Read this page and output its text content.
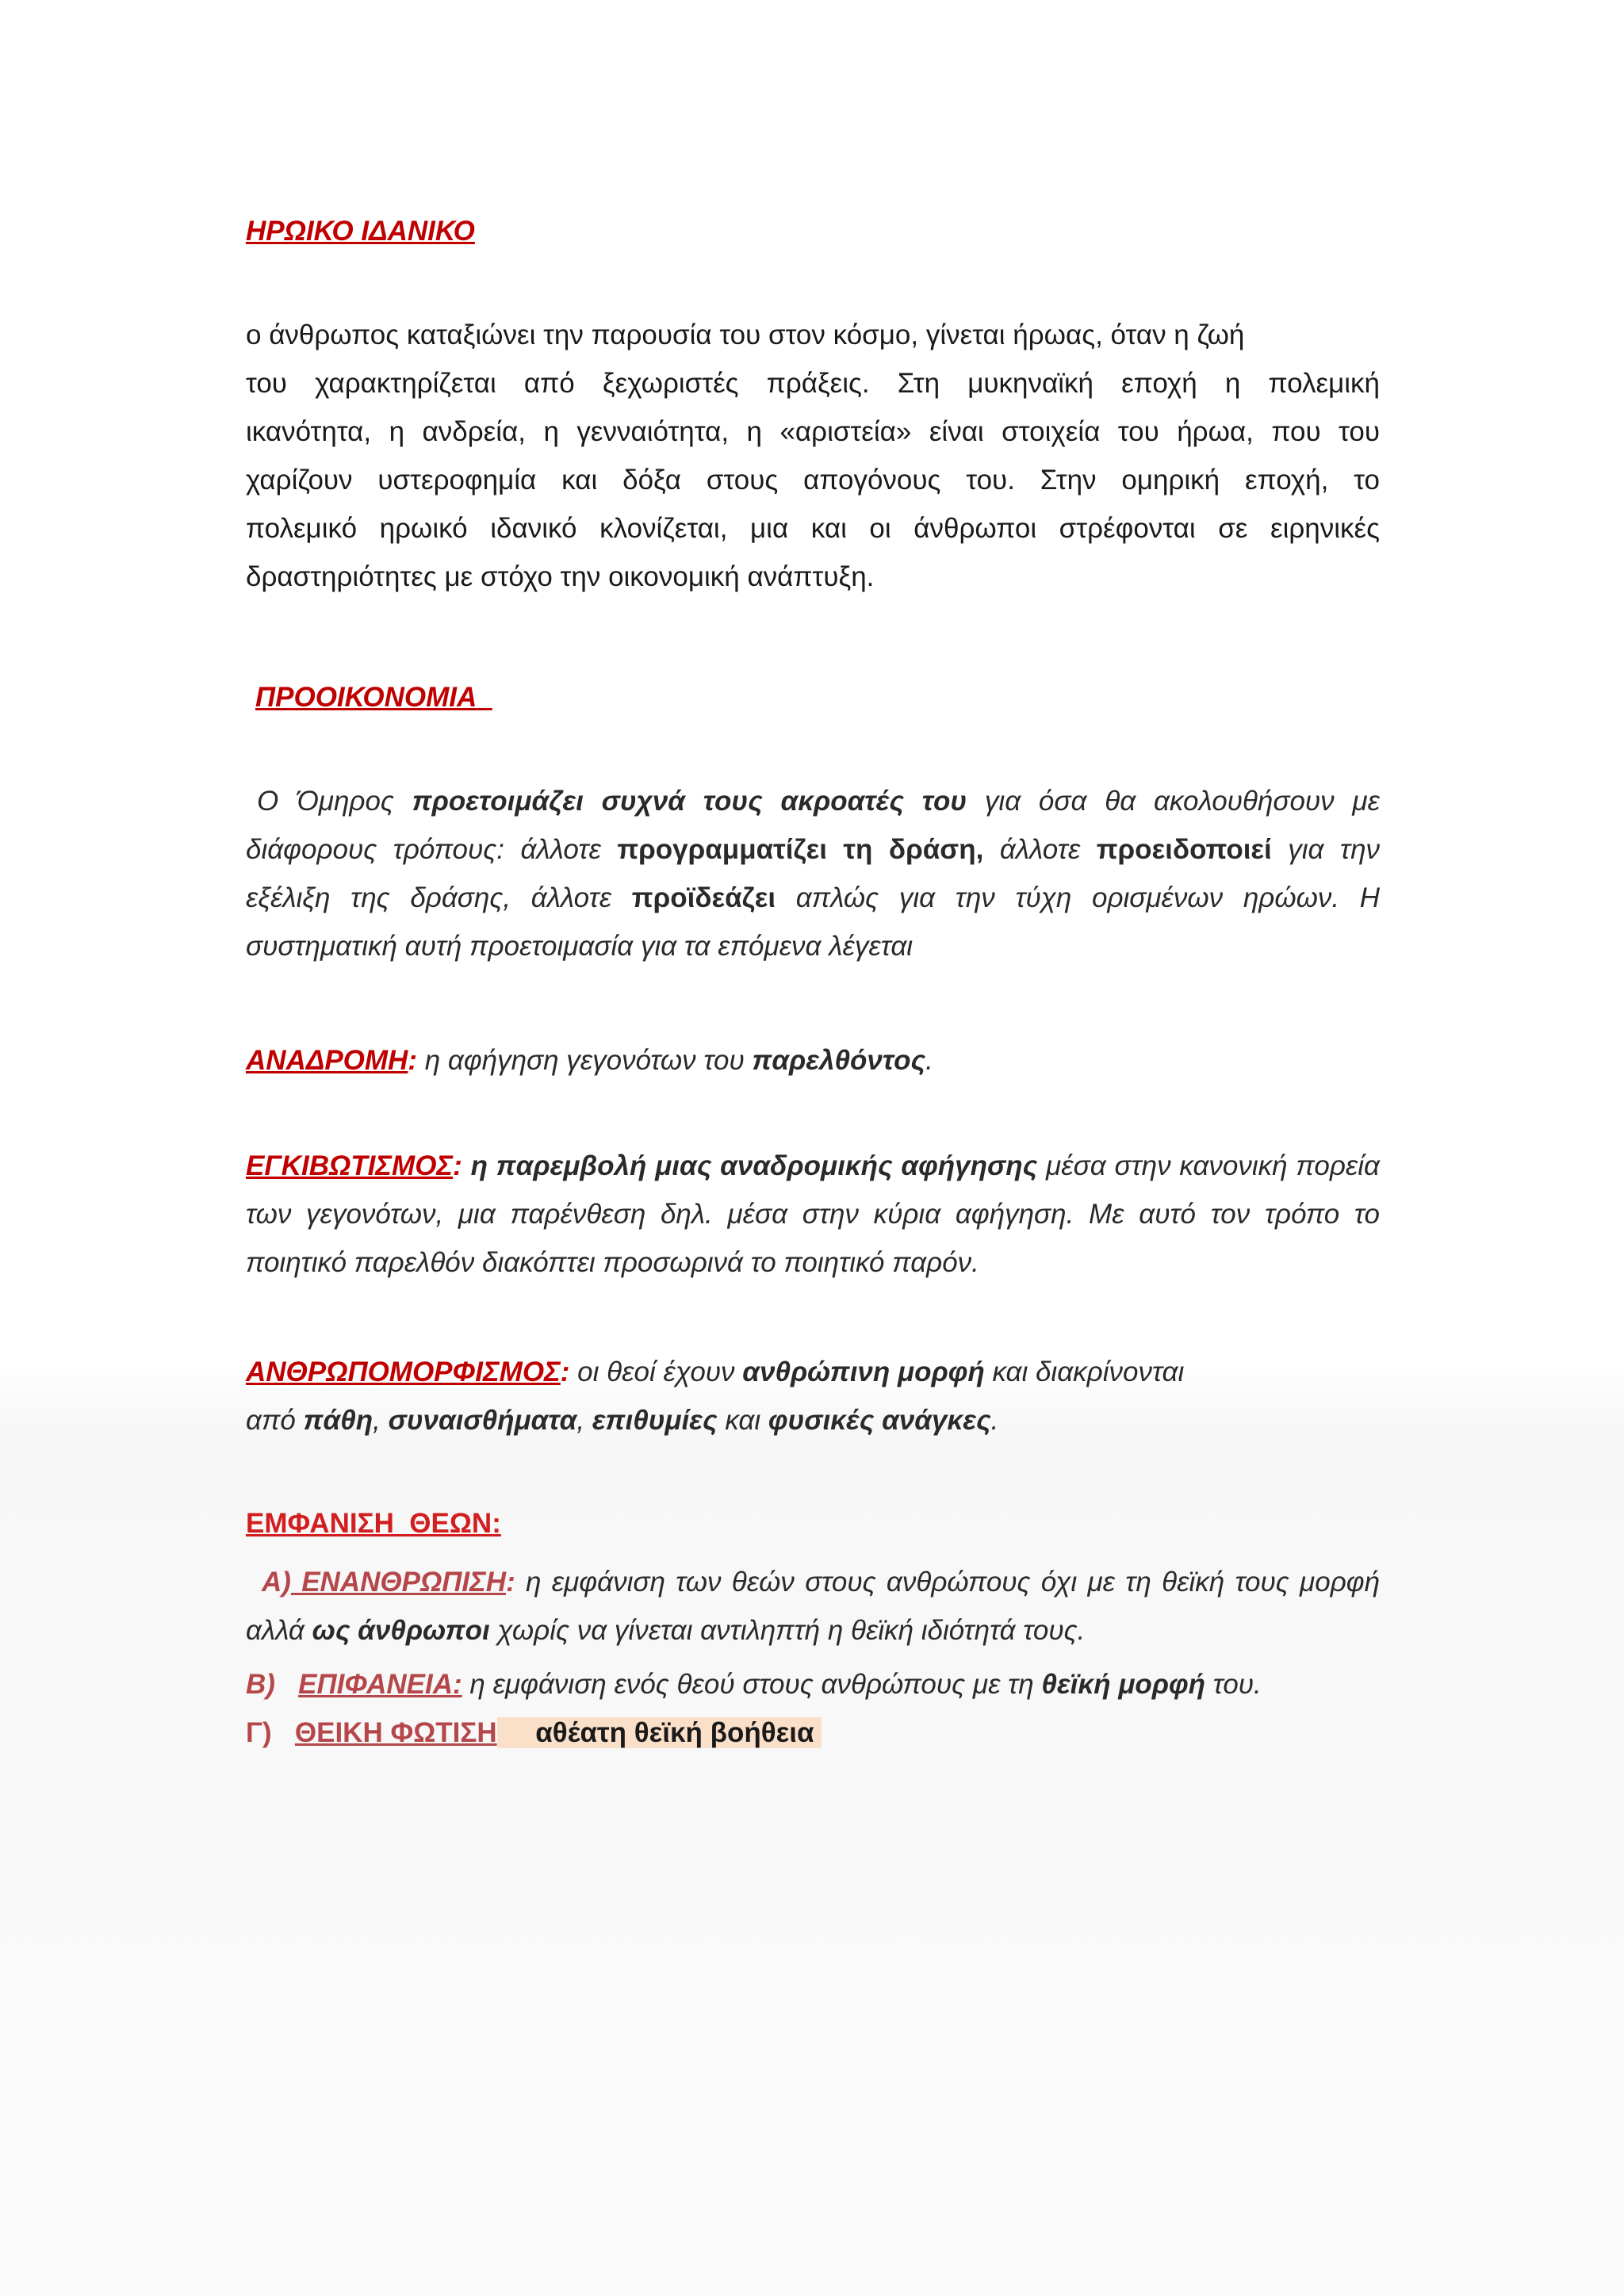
ΗΡΩΙΚΟ ΙΔΑΝΙΚΟ
ο άνθρωπος καταξιώνει την παρουσία του στον κόσμο, γίνεται ήρωας, όταν η ζωή
του χαρακτηρίζεται από ξεχωριστές πράξεις. Στη μυκηναϊκή εποχή η πολεμική
ικανότητα, η ανδρεία, η γενναιότητα, η «αριστεία» είναι στοιχεία του ήρωα, που του
χαρίζουν υστεροφημία και δόξα στους απογόνους του. Στην ομηρική εποχή, το
πολεμικό ηρωικό ιδανικό κλονίζεται, μια και οι άνθρωποι στρέφονται σε ειρηνικές
δραστηριότητες με στόχο την οικονομική ανάπτυξη.
ΠΡΟΟΙΚΟΝΟΜΙΑ
Ο Όμηρος προετοιμάζει συχνά τους ακροατές του για όσα θα ακολουθήσουν με διάφορους τρόπους: άλλοτε προγραμματίζει τη δράση, άλλοτε προειδοποιεί για την εξέλιξη της δράσης, άλλοτε προϊδεάζει απλώς για την τύχη ορισμένων ηρώων. Η συστηματική αυτή προετοιμασία για τα επόμενα λέγεται
ΑΝΑΔΡΟΜΗ: η αφήγηση γεγονότων του παρελθόντος.
ΕΓΚΙΒΩΤΙΣΜΟΣ: η παρεμβολή μιας αναδρομικής αφήγησης μέσα στην κανονική πορεία των γεγονότων, μια παρένθεση δηλ. μέσα στην κύρια αφήγηση. Με αυτό τον τρόπο το ποιητικό παρελθόν διακόπτει προσωρινά το ποιητικό παρόν.
ΑΝΘΡΩΠΟΜΟΡΦΙΣΜΟΣ: οι θεοί έχουν ανθρώπινη μορφή και διακρίνονται
από πάθη, συναισθήματα, επιθυμίες και φυσικές ανάγκες.
ΕΜΦΑΝΙΣΗ  ΘΕΩΝ:
Α) ΕΝΑΝΘΡΩΠΙΣΗ: η εμφάνιση των θεών στους ανθρώπους όχι με τη θεϊκή τους μορφή αλλά ως άνθρωποι χωρίς να γίνεται αντιληπτή η θεϊκή ιδιότητά τους.
Β) ΕΠΙΦΑΝΕΙΑ: η εμφάνιση ενός θεού στους ανθρώπους με τη θεϊκή μορφή του.
Γ) ΘΕΙΚΗ ΦΩΤΙΣΗ αθέατη θεϊκή βοήθεια
